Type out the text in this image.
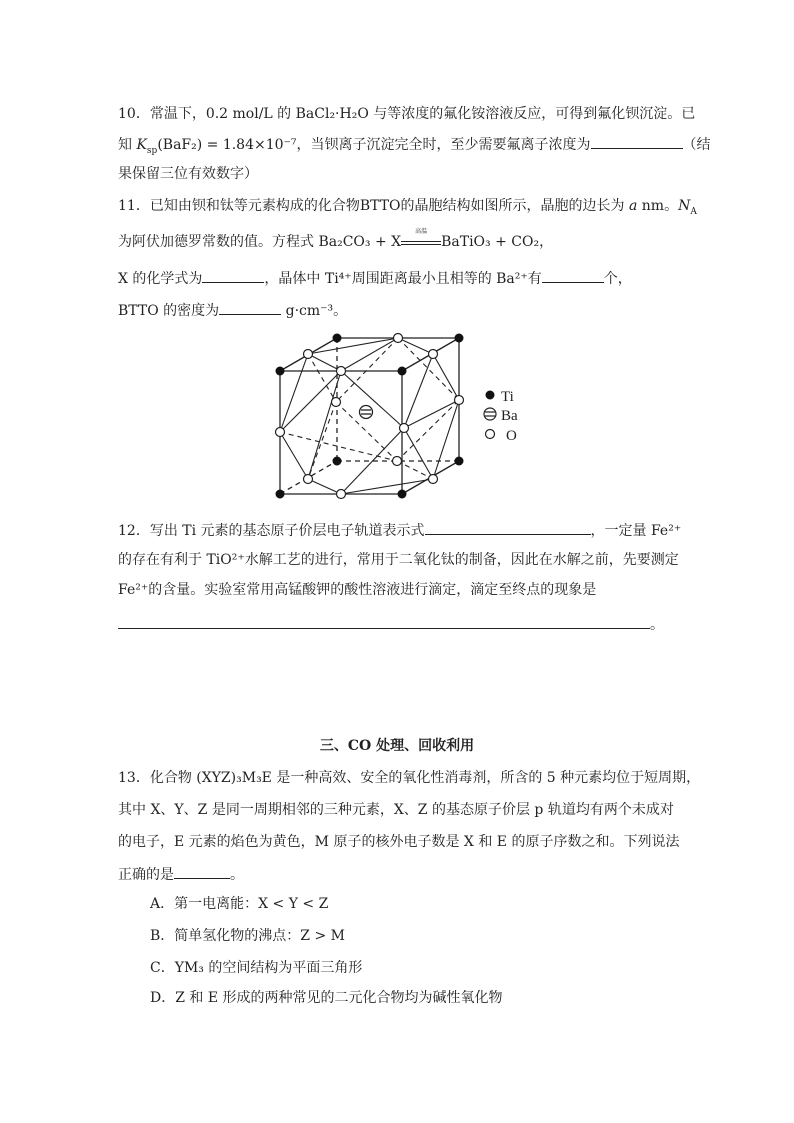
10．常温下，0.2 mol/L 的 BaCl₂·H₂O 与等浓度的氟化铵溶液反应，可得到氟化钡沉淀。已
知 $K_{sp}(BaF_2) = 1.84\times 10^{-7}$，当钡离子沉淀完全时，至少需要氟离子浓度为	（结
果保留三位有效数字）
11．已知由钡和钛等元素构成的化合物BTTO的晶胞结构如图所示，晶胞的边长为 a nm。$N_A$
为阿伏加德罗常数的值。方程式 Ba₂CO₃ + X
高温
BaTiO₃ + CO₂，
X 的化学式为	，晶体中 Ti⁴⁺周围距离最小且相等的 Ba²⁺有	个，
BTTO 的密度为	g·cm⁻³。
Ti
Ba
O
12．写出 Ti 元素的基态原子价层电子轨道表示式	，一定量 Fe²⁺
的存在有利于 TiO²⁺水解工艺的进行，常用于二氧化钛的制备，因此在水解之前，先要测定
Fe²⁺的含量。实验室常用高锰酸钾的酸性溶液进行滴定，滴定至终点的现象是
。
三、CO 处理、回收利用
13．化合物 (XYZ)₃M₃E 是一种高效、安全的氧化性消毒剂，所含的 5 种元素均位于短周期，
其中 X、Y、Z 是同一周期相邻的三种元素，X、Z 的基态原子价层 p 轨道均有两个未成对
的电子，E 元素的焰色为黄色，M 原子的核外电子数是 X 和 E 的原子序数之和。下列说法
正确的是	。
A．第一电离能：X < Y < Z
B．简单氢化物的沸点：Z > M
C．YM₃ 的空间结构为平面三角形
D．Z 和 E 形成的两种常见的二元化合物均为碱性氧化物
